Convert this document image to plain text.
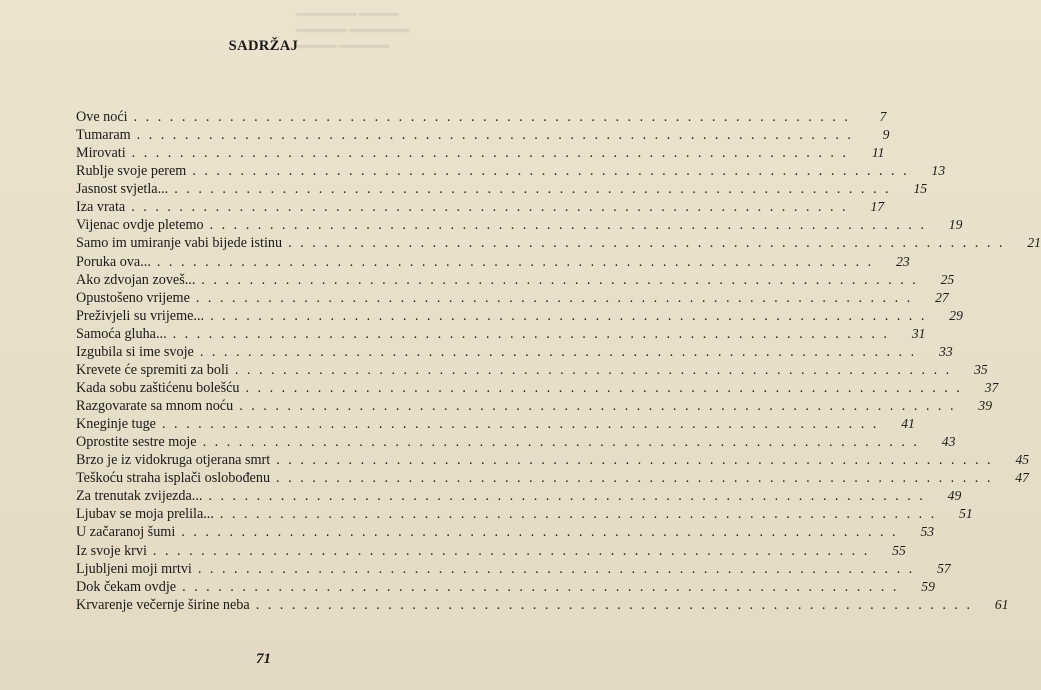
▬▬▬▬▬▬ ▬▬▬▬
▬▬▬▬▬ ▬▬▬▬▬▬
▬▬▬▬ ▬▬▬▬▬
SADRŽAJ
Ove noći ............................................................	7
Tumaram ............................................................	9
Mirovati ............................................................	11
Rublje svoje perem ............................................................	13
Jasnost svjetla... ............................................................	15
Iza vrata ............................................................	17
Vijenac ovdje pletemo ............................................................	19
Samo im umiranje vabi bijede istinu ............................................................	21
Poruka ova... ............................................................	23
Ako zdvojan zoveš... ............................................................	25
Opustošeno vrijeme ............................................................	27
Preživjeli su vrijeme... ............................................................	29
Samoća gluha... ............................................................	31
Izgubila si ime svoje ............................................................	33
Krevete će spremiti za boli ............................................................	35
Kada sobu zaštićenu bolešću ............................................................	37
Razgovarate sa mnom noću ............................................................	39
Kneginje tuge ............................................................	41
Oprostite sestre moje ............................................................	43
Brzo je iz vidokruga otjerana smrt ............................................................	45
Teškoću straha isplači oslobođenu ............................................................	47
Za trenutak zvijezda... ............................................................	49
Ljubav se moja prelila... ............................................................	51
U začaranoj šumi ............................................................	53
Iz svoje krvi ............................................................	55
Ljubljeni moji mrtvi ............................................................	57
Dok čekam ovdje ............................................................	59
Krvarenje večernje širine neba ............................................................	61
71
